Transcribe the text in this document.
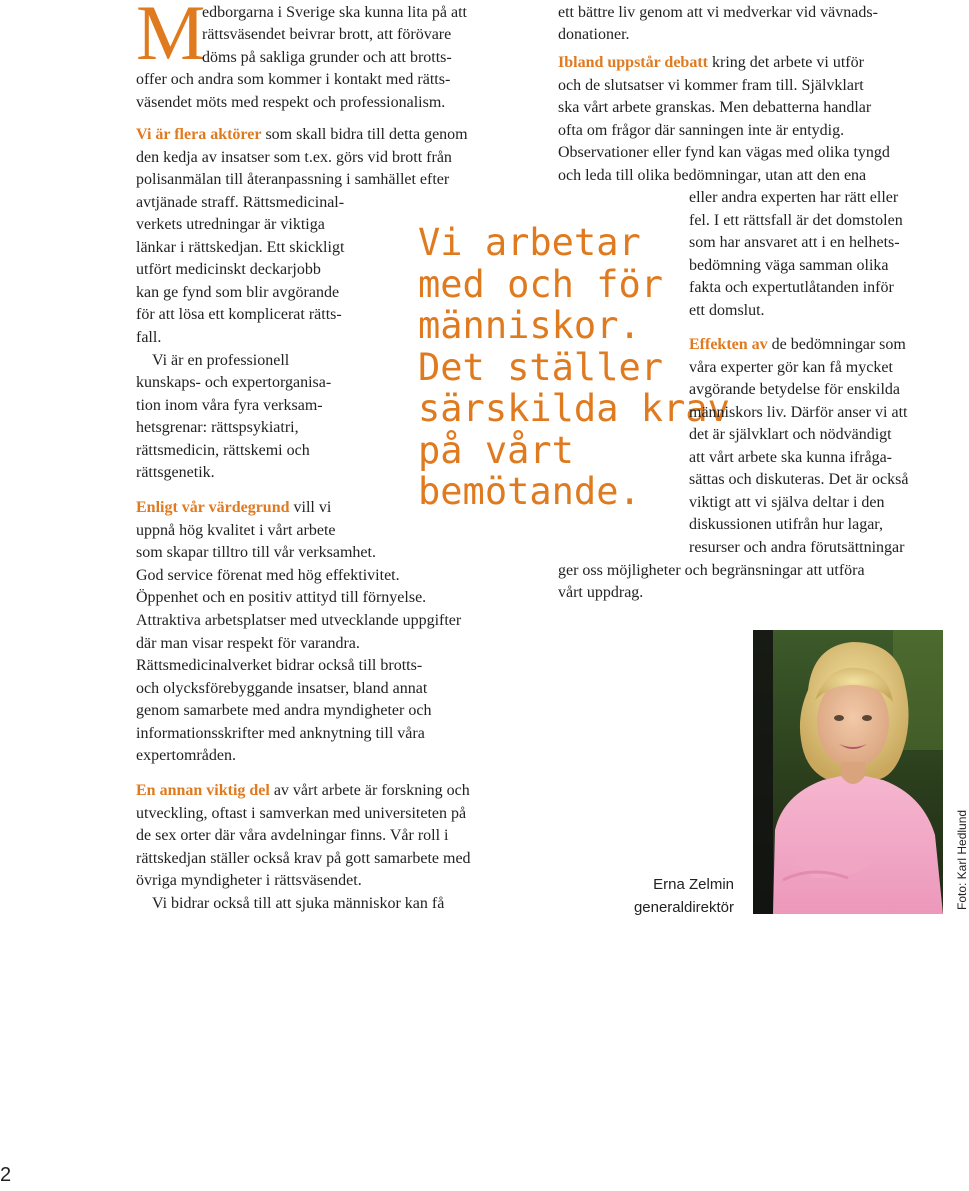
M
edborgarna i Sverige ska kunna lita på att
rättsväsendet beivrar brott, att förövare
döms på sakliga grunder och att brotts-
offer och andra som kommer i kontakt med rätts-
väsendet möts med respekt och professionalism.
Vi är flera aktörer som skall bidra till detta genom
den kedja av insatser som t.ex. görs vid brott från
polisanmälan till återanpassning i samhället efter
avtjänade straff. Rättsmedicinal-
verkets utredningar är viktiga
länkar i rättskedjan. Ett skickligt
utfört medicinskt deckarjobb
kan ge fynd som blir avgörande
för att lösa ett komplicerat rätts-
fall.
Vi är en professionell
kunskaps- och expertorganisa-
tion inom våra fyra verksam-
hetsgrenar: rättspsykiatri,
rättsmedicin, rättskemi och
rättsgenetik.
Enligt vår värdegrund vill vi
uppnå hög kvalitet i vårt arbete
som skapar tilltro till vår verksamhet.
God service förenat med hög effektivitet.
Öppenhet och en positiv attityd till förnyelse.
Attraktiva arbetsplatser med utvecklande uppgifter
där man visar respekt för varandra.
Rättsmedicinalverket bidrar också till brotts-
och olycksförebyggande insatser, bland annat
genom samarbete med andra myndigheter och
informationsskrifter med anknytning till våra
expertområden.
En annan viktig del av vårt arbete är forskning och
utveckling, oftast i samverkan med universiteten på
de sex orter där våra avdelningar finns. Vår roll i
rättskedjan ställer också krav på gott samarbete med
övriga myndigheter i rättsväsendet.
Vi bidrar också till att sjuka människor kan få
Vi arbetar
med och för
människor.
Det ställer
särskilda krav
på vårt
bemötande.
ett bättre liv genom att vi medverkar vid vävnads-
donationer.
Ibland uppstår debatt kring det arbete vi utför
och de slutsatser vi kommer fram till. Självklart
ska vårt arbete granskas. Men debatterna handlar
ofta om frågor där sanningen inte är entydig.
Observationer eller fynd kan vägas med olika tyngd
och leda till olika bedömningar, utan att den ena
eller andra experten har rätt eller
fel. I ett rättsfall är det domstolen
som har ansvaret att i en helhets-
bedömning väga samman olika
fakta och expertutlåtanden inför
ett domslut.
Effekten av de bedömningar som
våra experter gör kan få mycket
avgörande betydelse för enskilda
människors liv. Därför anser vi att
det är självklart och nödvändigt
att vårt arbete ska kunna ifråga-
sättas och diskuteras. Det är också
viktigt att vi själva deltar i den
diskussionen utifrån hur lagar,
resurser och andra förutsättningar
ger oss möjligheter och begränsningar att utföra
vårt uppdrag.
Erna Zelmin
generaldirektör	Foto: Karl Hedlund
2
